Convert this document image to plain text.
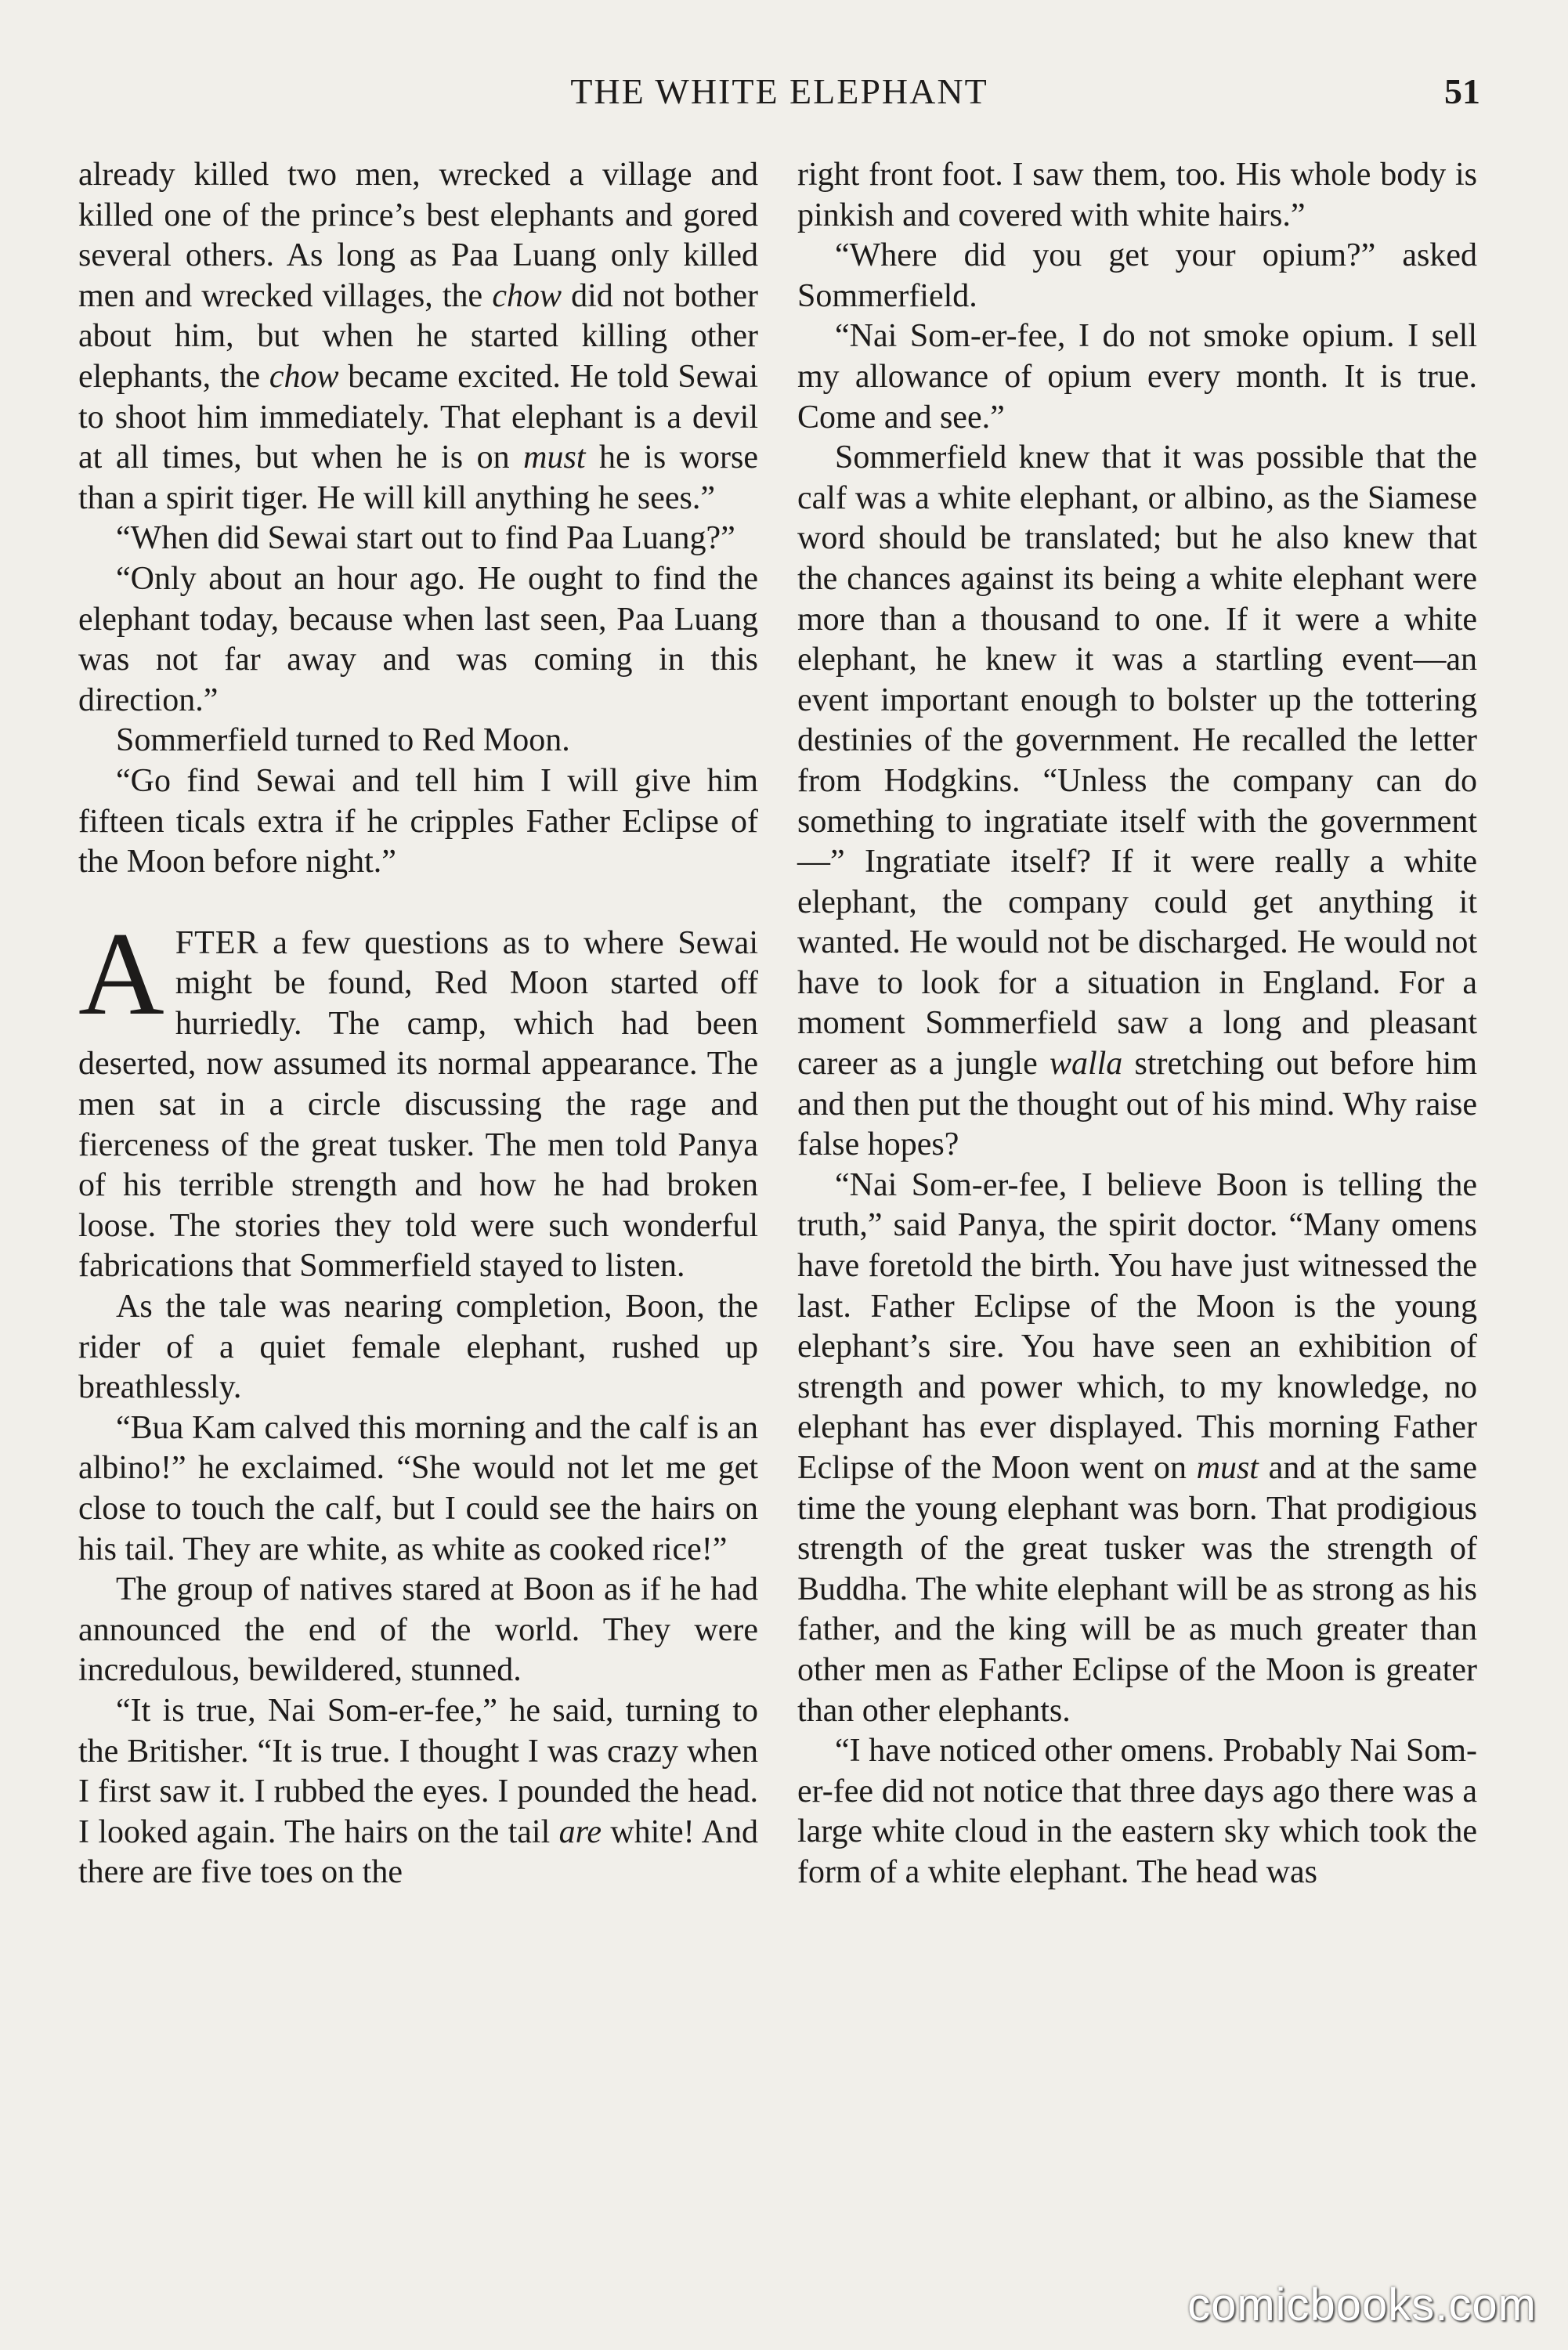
THE WHITE ELEPHANT	51

already killed two men, wrecked a village and killed one of the prince’s best elephants and gored several others. As long as Paa Luang only killed men and wrecked villages, the chow did not bother about him, but when he started killing other elephants, the chow became excited. He told Sewai to shoot him immediately. That elephant is a devil at all times, but when he is on must he is worse than a spirit tiger. He will kill anything he sees.”

“When did Sewai start out to find Paa Luang?”

“Only about an hour ago. He ought to find the elephant today, because when last seen, Paa Luang was not far away and was coming in this direction.”

Sommerfield turned to Red Moon.

“Go find Sewai and tell him I will give him fifteen ticals extra if he cripples Father Eclipse of the Moon before night.”

AFTER a few questions as to where Sewai might be found, Red Moon started off hurriedly. The camp, which had been deserted, now assumed its normal appearance. The men sat in a circle discussing the rage and fierceness of the great tusker. The men told Panya of his terrible strength and how he had broken loose. The stories they told were such wonderful fabrications that Sommerfield stayed to listen.

As the tale was nearing completion, Boon, the rider of a quiet female elephant, rushed up breathlessly.

“Bua Kam calved this morning and the calf is an albino!” he exclaimed. “She would not let me get close to touch the calf, but I could see the hairs on his tail. They are white, as white as cooked rice!”

The group of natives stared at Boon as if he had announced the end of the world. They were incredulous, bewildered, stunned.

“It is true, Nai Som-er-fee,” he said, turning to the Britisher. “It is true. I thought I was crazy when I first saw it. I rubbed the eyes. I pounded the head. I looked again. The hairs on the tail are white! And there are five toes on the

right front foot. I saw them, too. His whole body is pinkish and covered with white hairs.”

“Where did you get your opium?” asked Sommerfield.

“Nai Som-er-fee, I do not smoke opium. I sell my allowance of opium every month. It is true. Come and see.”

Sommerfield knew that it was possible that the calf was a white elephant, or albino, as the Siamese word should be translated; but he also knew that the chances against its being a white elephant were more than a thousand to one. If it were a white elephant, he knew it was a startling event—an event important enough to bolster up the tottering destinies of the government. He recalled the letter from Hodgkins. “Unless the company can do something to ingratiate itself with the government—” Ingratiate itself? If it were really a white elephant, the company could get anything it wanted. He would not be discharged. He would not have to look for a situation in England. For a moment Sommerfield saw a long and pleasant career as a jungle walla stretching out before him and then put the thought out of his mind. Why raise false hopes?

“Nai Som-er-fee, I believe Boon is telling the truth,” said Panya, the spirit doctor. “Many omens have foretold the birth. You have just witnessed the last. Father Eclipse of the Moon is the young elephant’s sire. You have seen an exhibition of strength and power which, to my knowledge, no elephant has ever displayed. This morning Father Eclipse of the Moon went on must and at the same time the young elephant was born. That prodigious strength of the great tusker was the strength of Buddha. The white elephant will be as strong as his father, and the king will be as much greater than other men as Father Eclipse of the Moon is greater than other elephants.

“I have noticed other omens. Probably Nai Som-er-fee did not notice that three days ago there was a large white cloud in the eastern sky which took the form of a white elephant. The head was

comicbooks.com
